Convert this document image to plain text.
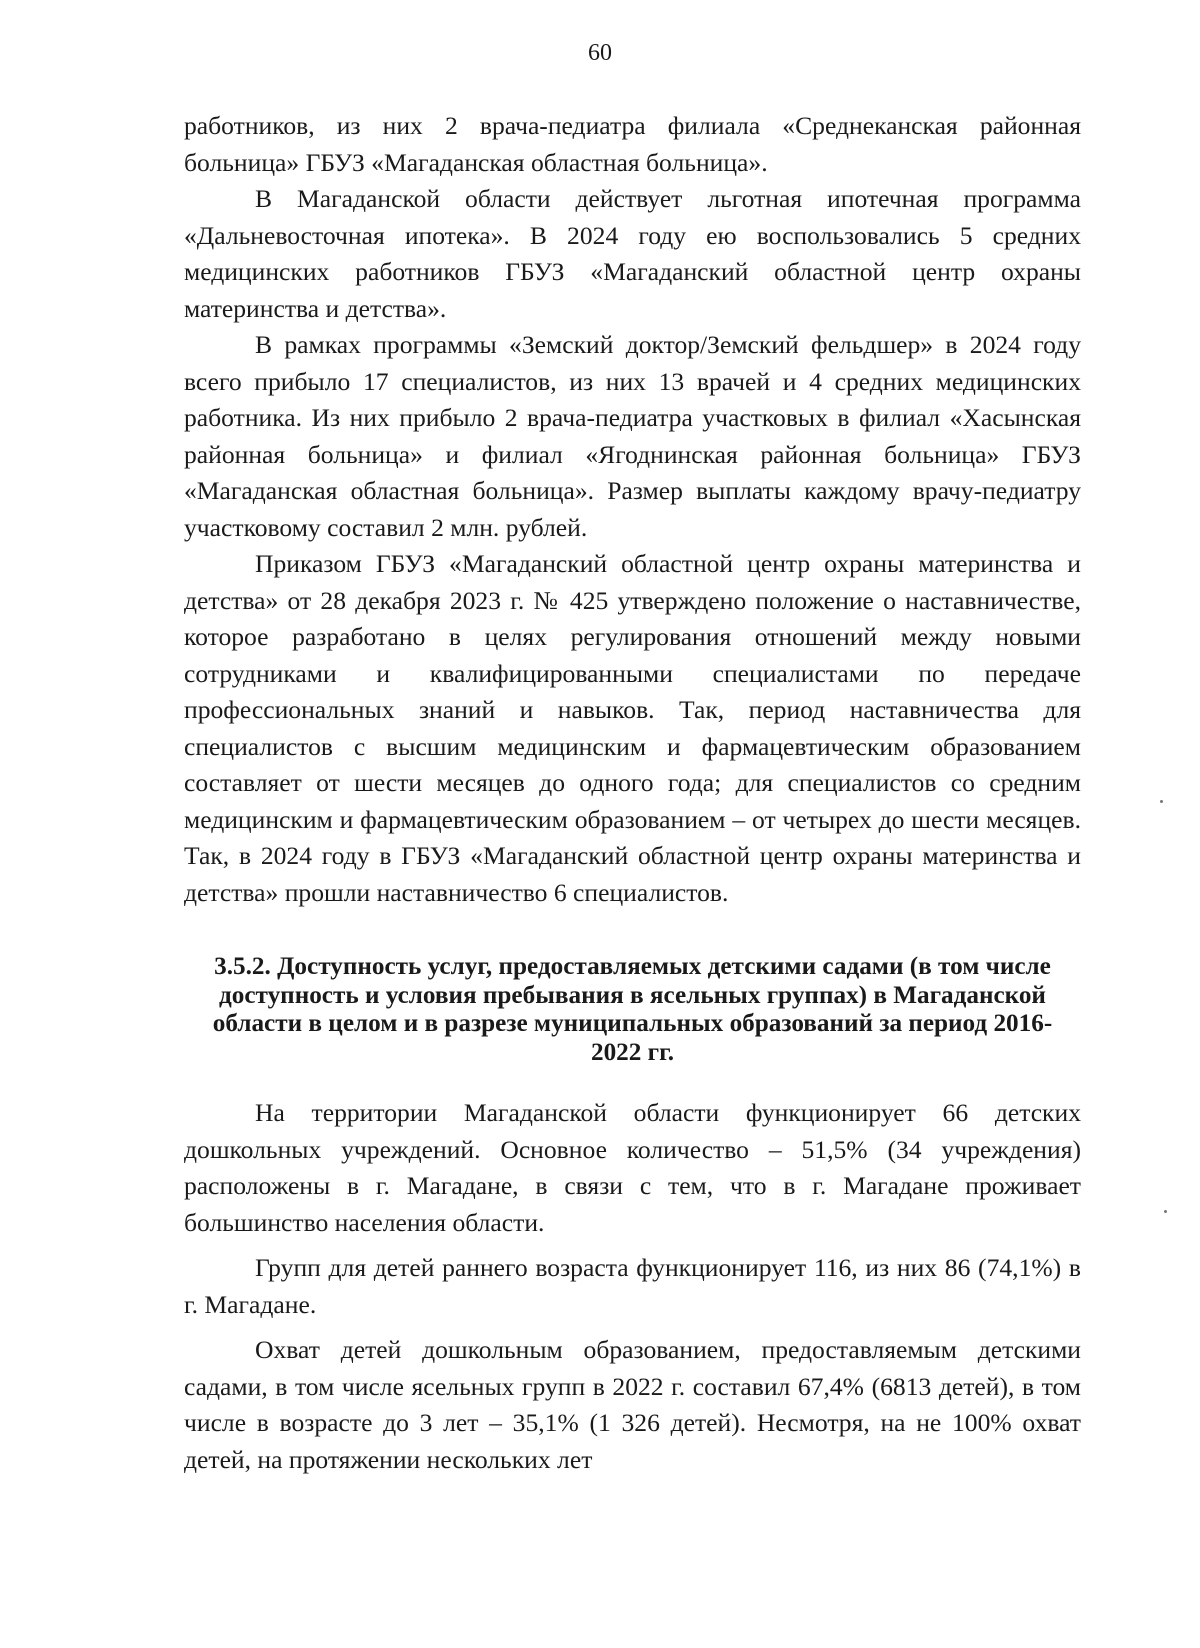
60

работников, из них 2 врача-педиатра филиала «Среднеканская районная больница» ГБУЗ «Магаданская областная больница».

В Магаданской области действует льготная ипотечная программа «Дальневосточная ипотека». В 2024 году ею воспользовались 5 средних медицинских работников ГБУЗ «Магаданский областной центр охраны материнства и детства».

В рамках программы «Земский доктор/Земский фельдшер» в 2024 году всего прибыло 17 специалистов, из них 13 врачей и 4 средних медицинских работника. Из них прибыло 2 врача-педиатра участковых в филиал «Хасынская районная больница» и филиал «Ягоднинская районная больница» ГБУЗ «Магаданская областная больница». Размер выплаты каждому врачу-педиатру участковому составил 2 млн. рублей.

Приказом ГБУЗ «Магаданский областной центр охраны материнства и детства» от 28 декабря 2023 г. № 425 утверждено положение о наставничестве, которое разработано в целях регулирования отношений между новыми сотрудниками и квалифицированными специалистами по передаче профессиональных знаний и навыков. Так, период наставничества для специалистов с высшим медицинским и фармацевтическим образованием составляет от шести месяцев до одного года; для специалистов со средним медицинским и фармацевтическим образованием – от четырех до шести месяцев. Так, в 2024 году в ГБУЗ «Магаданский областной центр охраны материнства и детства» прошли наставничество 6 специалистов.

3.5.2. Доступность услуг, предоставляемых детскими садами (в том числе доступность и условия пребывания в ясельных группах) в Магаданской области в целом и в разрезе муниципальных образований за период 2016-2022 гг.

На территории Магаданской области функционирует 66 детских дошкольных учреждений. Основное количество – 51,5% (34 учреждения) расположены в г. Магадане, в связи с тем, что в г. Магадане проживает большинство населения области.

Групп для детей раннего возраста функционирует 116, из них 86 (74,1%) в г. Магадане.

Охват детей дошкольным образованием, предоставляемым детскими садами, в том числе ясельных групп в 2022 г. составил 67,4% (6813 детей), в том числе в возрасте до 3 лет – 35,1% (1 326 детей). Несмотря, на не 100% охват детей, на протяжении нескольких лет
